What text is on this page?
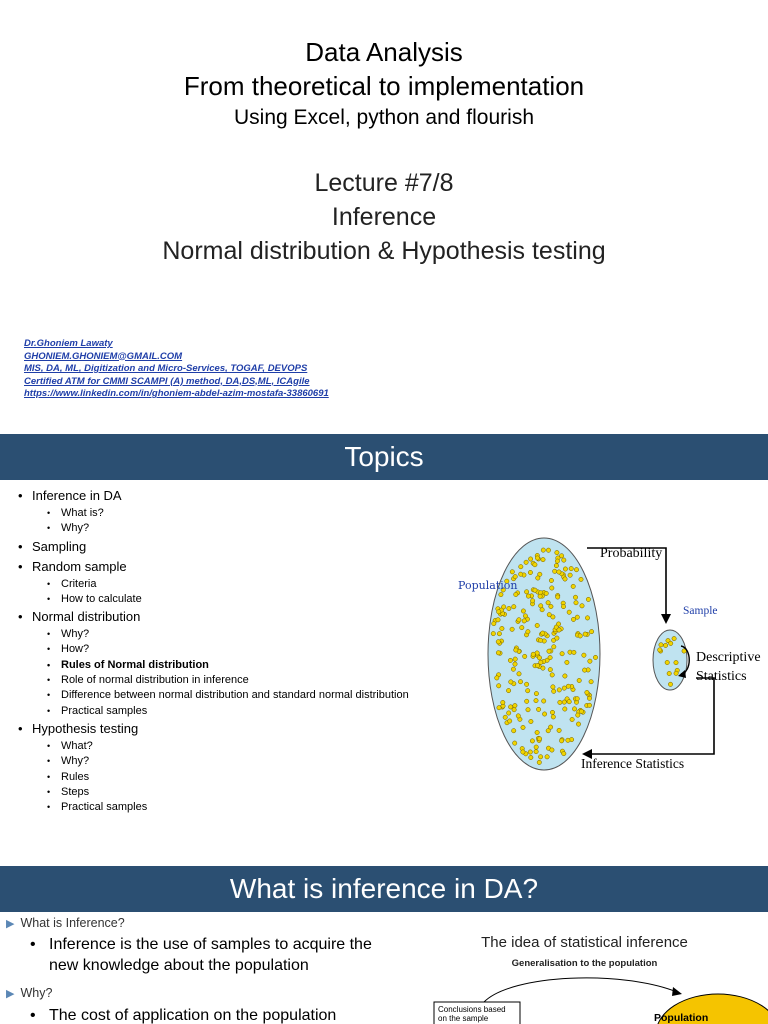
Data Analysis
From theoretical to implementation
Using Excel, python and flourish
Lecture #7/8
Inference
Normal distribution & Hypothesis testing
Dr.Ghoniem Lawaty
GHONIEM.GHONIEM@GMAIL.COM
MIS, DA, ML, Digitization and Micro-Services, TOGAF, DEVOPS
Certified ATM for CMMI SCAMPI (A) method, DA,DS,ML, ICAgile
https://www.linkedin.com/in/ghoniem-abdel-azim-mostafa-33860691
Topics
• Inference in DA
• What is?
• Why?
• Sampling
• Random sample
• Criteria
• How to calculate
• Normal distribution
• Why?
• How?
• Rules of Normal distribution
• Role of normal distribution in inference
• Difference between normal distribution and standard normal distribution
• Practical samples
• Hypothesis testing
• What?
• Why?
• Rules
• Steps
• Practical samples
Population
Probability
Sample
Descriptive
Statistics
Inference Statistics
What is inference in DA?
▶ What is Inference?
• Inference is the use of samples to acquire the new knowledge about the population
▶ Why?
• The cost of application on the population
The idea of statistical inference
Generalisation to the population
Conclusions based on the sample	Population
